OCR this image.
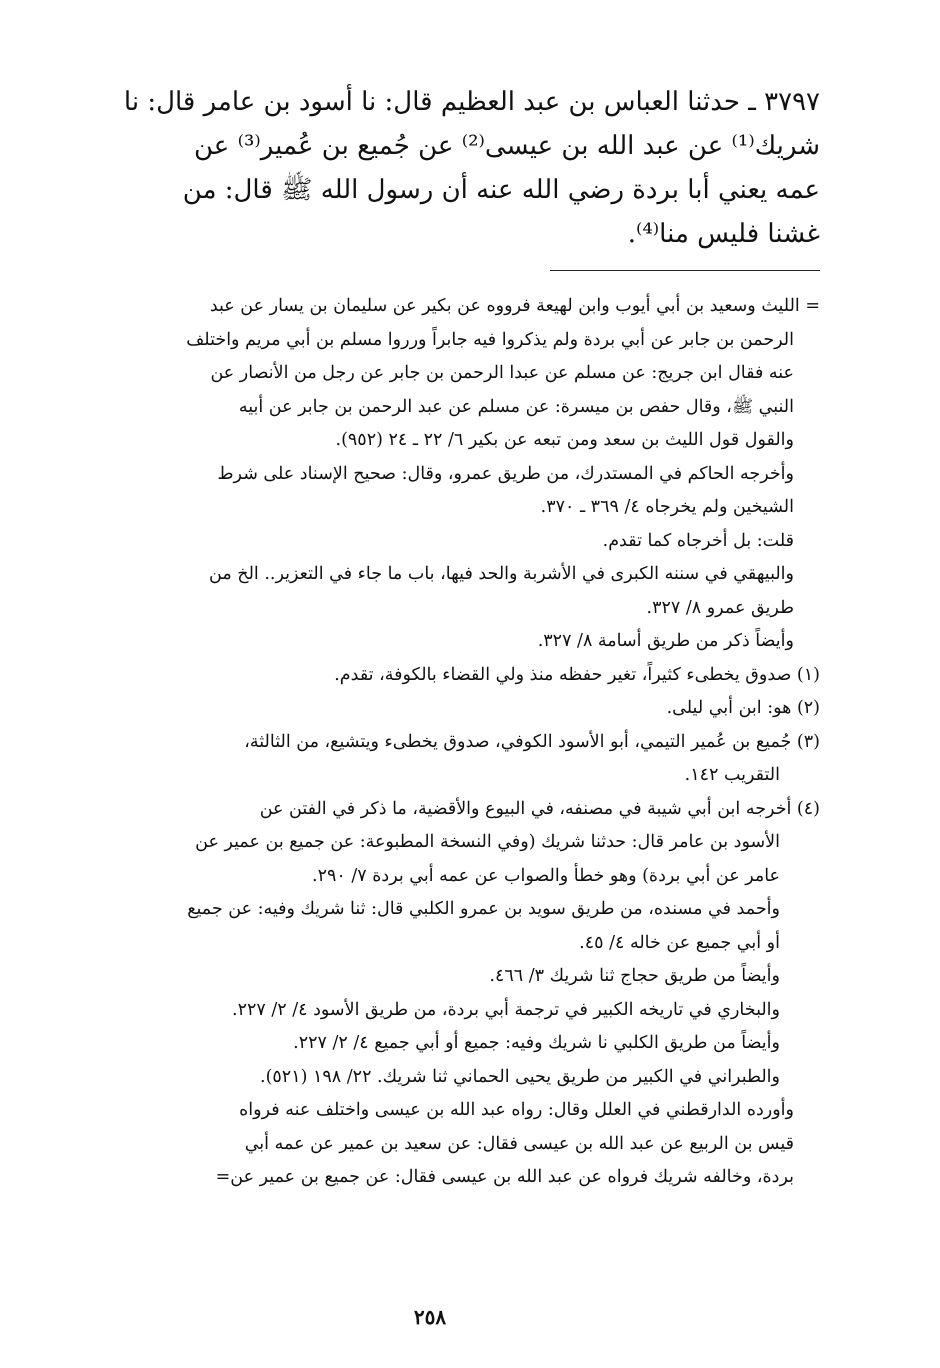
٣٧٩٧ ـ حدثنا العباس بن عبد العظيم قال: نا أسود بن عامر قال: نا
شريك⁽¹⁾ عن عبد الله بن عيسى⁽²⁾ عن جُميع بن عُمير⁽³⁾ عن
عمه يعني أبا بردة رضي الله عنه أن رسول الله ﷺ قال: من
غشنا فليس منا⁽⁴⁾.
= الليث وسعيد بن أبي أيوب وابن لهيعة فرووه عن بكير عن سليمان بن يسار عن عبد
الرحمن بن جابر عن أبي بردة ولم يذكروا فيه جابراً ورروا مسلم بن أبي مريم واختلف
عنه فقال ابن جريج: عن مسلم عن عبدا الرحمن بن جابر عن رجل من الأنصار عن
النبي ﷺ، وقال حفص بن ميسرة: عن مسلم عن عبد الرحمن بن جابر عن أبيه
والقول قول الليث بن سعد ومن تبعه عن بكير ٦/ ٢٢ ـ ٢٤ (٩٥٢).
وأخرجه الحاكم في المستدرك، من طريق عمرو، وقال: صحيح الإسناد على شرط
الشيخين ولم يخرجاه ٤/ ٣٦٩ ـ ٣٧٠.
قلت: بل أخرجاه كما تقدم.
والبيهقي في سننه الكبرى في الأشربة والحد فيها، باب ما جاء في التعزير.. الخ من
طريق عمرو ٨/ ٣٢٧.
وأيضاً ذكر من طريق أسامة ٨/ ٣٢٧.
(١) صدوق يخطىء كثيراً، تغير حفظه منذ ولي القضاء بالكوفة، تقدم.
(٢) هو: ابن أبي ليلى.
(٣) جُميع بن عُمير التيمي، أبو الأسود الكوفي، صدوق يخطىء ويتشيع، من الثالثة،
التقريب ١٤٢.
(٤) أخرجه ابن أبي شيبة في مصنفه، في البيوع والأقضية، ما ذكر في الفتن عن
الأسود بن عامر قال: حدثنا شريك (وفي النسخة المطبوعة: عن جميع بن عمير عن
عامر عن أبي بردة) وهو خطأ والصواب عن عمه أبي بردة ٧/ ٢٩٠.
وأحمد في مسنده، من طريق سويد بن عمرو الكلبي قال: ثنا شريك وفيه: عن جميع
أو أبي جميع عن خاله ٤/ ٤٥.
وأيضاً من طريق حجاج ثنا شريك ٣/ ٤٦٦.
والبخاري في تاريخه الكبير في ترجمة أبي بردة، من طريق الأسود ٤/ ٢/ ٢٢٧.
وأيضاً من طريق الكلبي نا شريك وفيه: جميع أو أبي جميع ٤/ ٢/ ٢٢٧.
والطبراني في الكبير من طريق يحيى الحماني ثنا شريك. ٢٢/ ١٩٨ (٥٢١).
وأورده الدارقطني في العلل وقال: رواه عبد الله بن عيسى واختلف عنه فرواه
قيس بن الربيع عن عبد الله بن عيسى فقال: عن سعيد بن عمير عن عمه أبي
بردة، وخالفه شريك فرواه عن عبد الله بن عيسى فقال: عن جميع بن عمير عن=
٢٥٨
